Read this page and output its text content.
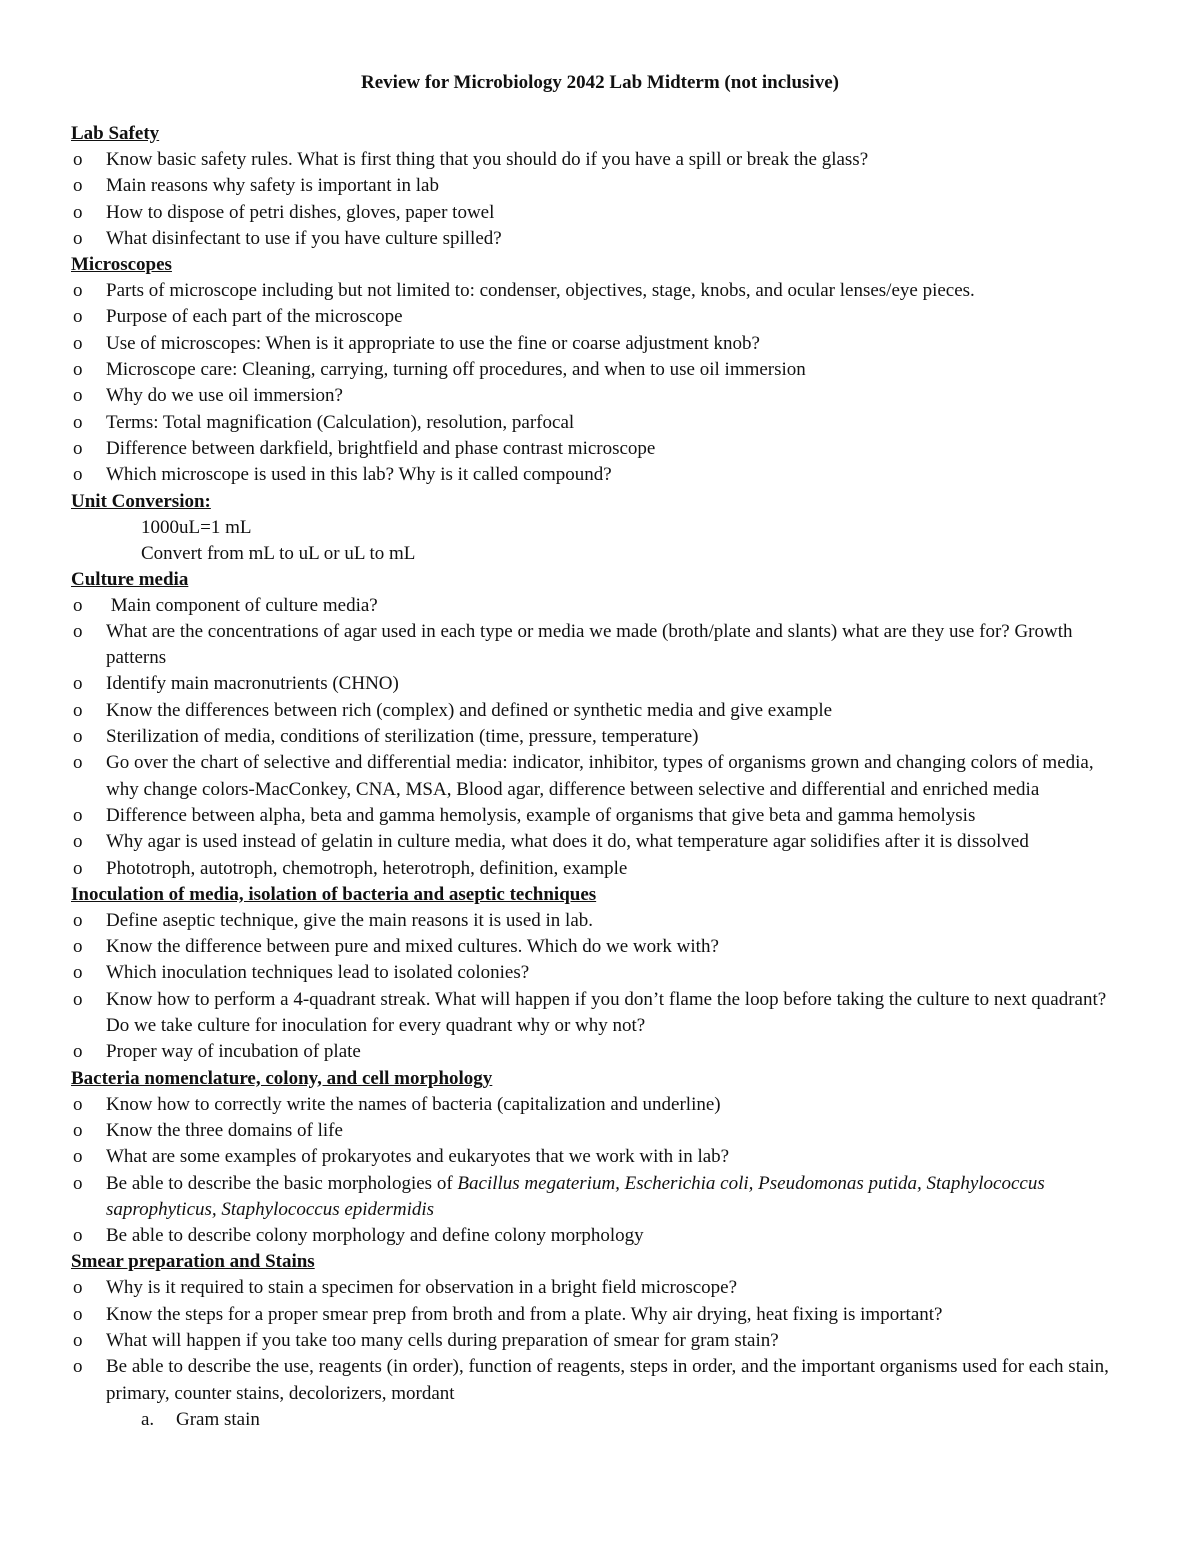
Review for Microbiology 2042 Lab Midterm (not inclusive)
Lab Safety
o Know basic safety rules. What is first thing that you should do if you have a spill or break the glass?
o Main reasons why safety is important in lab
o How to dispose of petri dishes, gloves, paper towel
o What disinfectant to use if you have culture spilled?
Microscopes
o Parts of microscope including but not limited to: condenser, objectives, stage, knobs, and ocular lenses/eye pieces.
o Purpose of each part of the microscope
o Use of microscopes: When is it appropriate to use the fine or coarse adjustment knob?
o Microscope care: Cleaning, carrying, turning off procedures, and when to use oil immersion
o Why do we use oil immersion?
o Terms: Total magnification (Calculation), resolution, parfocal
o Difference between darkfield, brightfield and phase contrast microscope
o Which microscope is used in this lab? Why is it called compound?
Unit Conversion:
1000uL=1 mL
Convert from mL to uL or uL to mL
Culture media
o Main component of culture media?
o What are the concentrations of agar used in each type or media we made (broth/plate and slants) what are they use for? Growth patterns
o Identify main macronutrients (CHNO)
o Know the differences between rich (complex) and defined or synthetic media and give example
o Sterilization of media, conditions of sterilization (time, pressure, temperature)
o Go over the chart of selective and differential media: indicator, inhibitor, types of organisms grown and changing colors of media, why change colors-MacConkey, CNA, MSA, Blood agar, difference between selective and differential and enriched media
o Difference between alpha, beta and gamma hemolysis, example of organisms that give beta and gamma hemolysis
o Why agar is used instead of gelatin in culture media, what does it do, what temperature agar solidifies after it is dissolved
o Phototroph, autotroph, chemotroph, heterotroph, definition, example
Inoculation of media, isolation of bacteria and aseptic techniques
o Define aseptic technique, give the main reasons it is used in lab.
o Know the difference between pure and mixed cultures. Which do we work with?
o Which inoculation techniques lead to isolated colonies?
o Know how to perform a 4-quadrant streak. What will happen if you don’t flame the loop before taking the culture to next quadrant? Do we take culture for inoculation for every quadrant why or why not?
o Proper way of incubation of plate
Bacteria nomenclature, colony, and cell morphology
o Know how to correctly write the names of bacteria (capitalization and underline)
o Know the three domains of life
o What are some examples of prokaryotes and eukaryotes that we work with in lab?
o Be able to describe the basic morphologies of Bacillus megaterium, Escherichia coli, Pseudomonas putida, Staphylococcus saprophyticus, Staphylococcus epidermidis
o Be able to describe colony morphology and define colony morphology
Smear preparation and Stains
o Why is it required to stain a specimen for observation in a bright field microscope?
o Know the steps for a proper smear prep from broth and from a plate. Why air drying, heat fixing is important?
o What will happen if you take too many cells during preparation of smear for gram stain?
o Be able to describe the use, reagents (in order), function of reagents, steps in order, and the important organisms used for each stain, primary, counter stains, decolorizers, mordant
a. Gram stain
